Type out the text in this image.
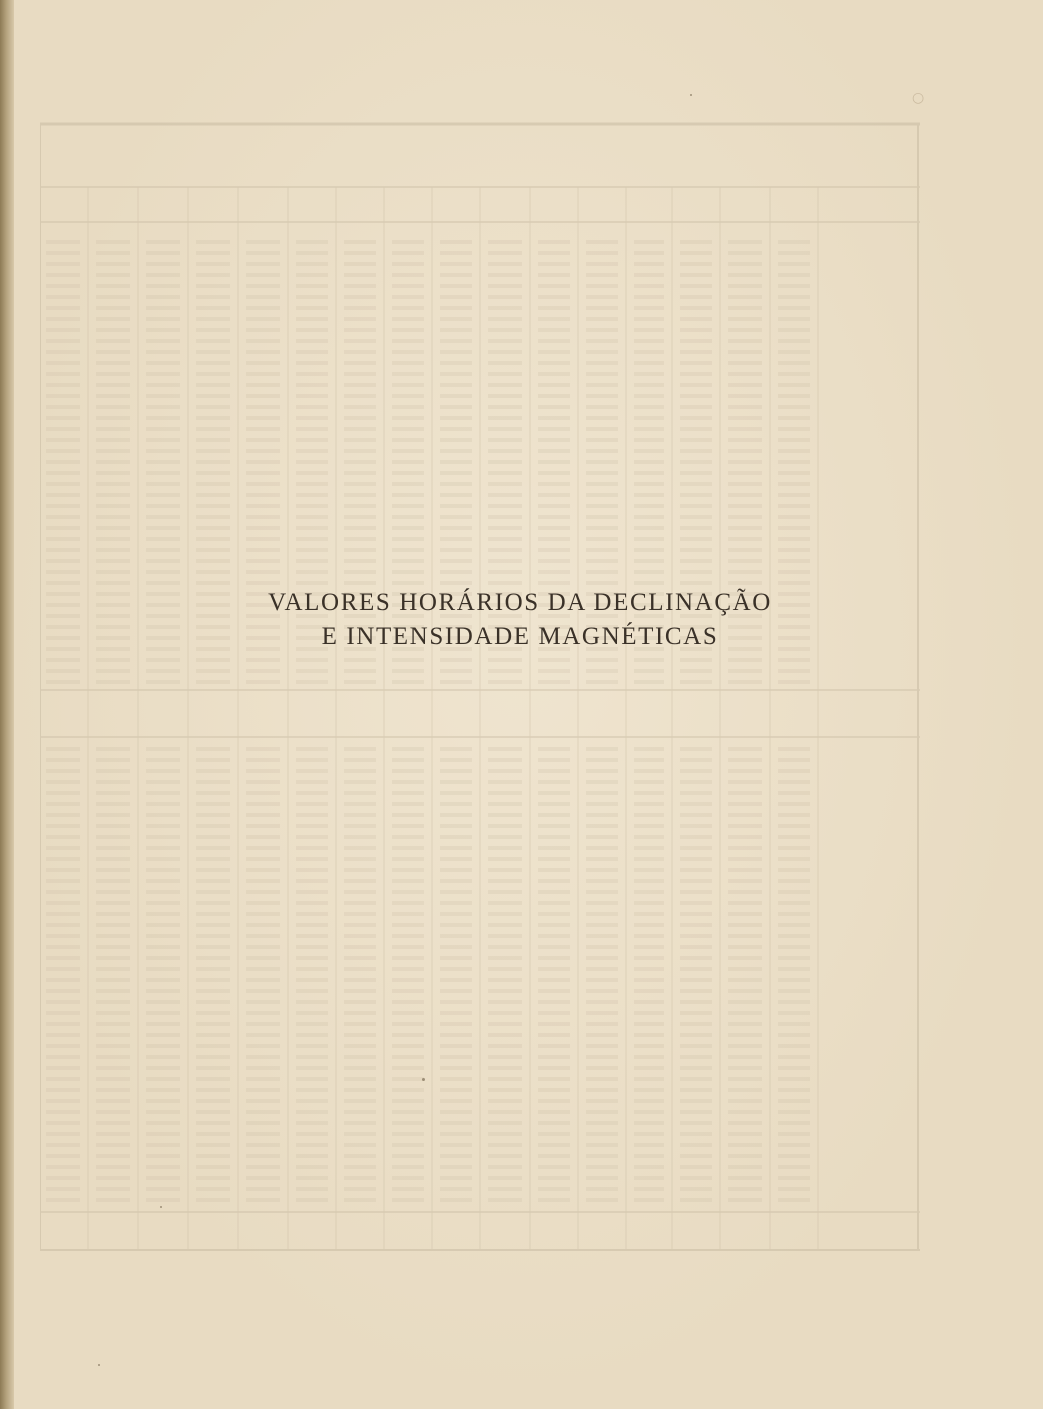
○
VALORES HORÁRIOS DA DECLINAÇÃO
E INTENSIDADE MAGNÉTICAS
